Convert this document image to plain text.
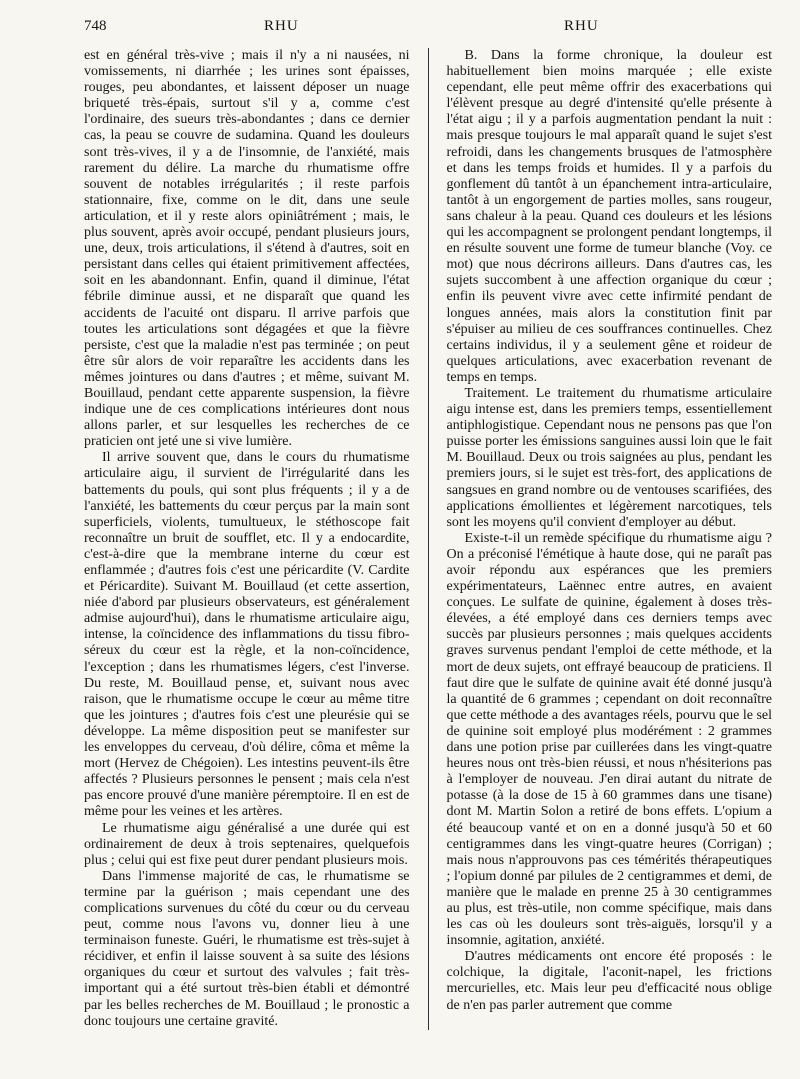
748	RHU	RHU

est en général très-vive ; mais il n'y a ni nausées, ni vomissements, ni diarrhée ; les urines sont épaisses, rouges, peu abondantes, et laissent déposer un nuage briqueté très-épais, surtout s'il y a, comme c'est l'ordinaire, des sueurs très-abondantes ; dans ce dernier cas, la peau se couvre de sudamina. Quand les douleurs sont très-vives, il y a de l'insomnie, de l'anxiété, mais rarement du délire. La marche du rhumatisme offre souvent de notables irrégularités ; il reste parfois stationnaire, fixe, comme on le dit, dans une seule articulation, et il y reste alors opiniâtrément ; mais, le plus souvent, après avoir occupé, pendant plusieurs jours, une, deux, trois articulations, il s'étend à d'autres, soit en persistant dans celles qui étaient primitivement affectées, soit en les abandonnant. Enfin, quand il diminue, l'état fébrile diminue aussi, et ne disparaît que quand les accidents de l'acuité ont disparu. Il arrive parfois que toutes les articulations sont dégagées et que la fièvre persiste, c'est que la maladie n'est pas terminée ; on peut être sûr alors de voir reparaître les accidents dans les mêmes jointures ou dans d'autres ; et même, suivant M. Bouillaud, pendant cette apparente suspension, la fièvre indique une de ces complications intérieures dont nous allons parler, et sur lesquelles les recherches de ce praticien ont jeté une si vive lumière.

Il arrive souvent que, dans le cours du rhumatisme articulaire aigu, il survient de l'irrégularité dans les battements du pouls, qui sont plus fréquents ; il y a de l'anxiété, les battements du cœur perçus par la main sont superficiels, violents, tumultueux, le stéthoscope fait reconnaître un bruit de soufflet, etc. Il y a endocardite, c'est-à-dire que la membrane interne du cœur est enflammée ; d'autres fois c'est une péricardite (V. Cardite et Péricardite). Suivant M. Bouillaud (et cette assertion, niée d'abord par plusieurs observateurs, est généralement admise aujourd'hui), dans le rhumatisme articulaire aigu, intense, la coïncidence des inflammations du tissu fibro-séreux du cœur est la règle, et la non-coïncidence, l'exception ; dans les rhumatismes légers, c'est l'inverse. Du reste, M. Bouillaud pense, et, suivant nous avec raison, que le rhumatisme occupe le cœur au même titre que les jointures ; d'autres fois c'est une pleurésie qui se développe. La même disposition peut se manifester sur les enveloppes du cerveau, d'où délire, côma et même la mort (Hervez de Chégoien). Les intestins peuvent-ils être affectés ? Plusieurs personnes le pensent ; mais cela n'est pas encore prouvé d'une manière péremptoire. Il en est de même pour les veines et les artères.

Le rhumatisme aigu généralisé a une durée qui est ordinairement de deux à trois septenaires, quelquefois plus ; celui qui est fixe peut durer pendant plusieurs mois.

Dans l'immense majorité de cas, le rhumatisme se termine par la guérison ; mais cependant une des complications survenues du côté du cœur ou du cerveau peut, comme nous l'avons vu, donner lieu à une terminaison funeste. Guéri, le rhumatisme est très-sujet à récidiver, et enfin il laisse souvent à sa suite des lésions organiques du cœur et surtout des valvules ; fait très-important qui a été surtout très-bien établi et démontré par les belles recherches de M. Bouillaud ; le pronostic a donc toujours une certaine gravité.

B. Dans la forme chronique, la douleur est habituellement bien moins marquée ; elle existe cependant, elle peut même offrir des exacerbations qui l'élèvent presque au degré d'intensité qu'elle présente à l'état aigu ; il y a parfois augmentation pendant la nuit : mais presque toujours le mal apparaît quand le sujet s'est refroidi, dans les changements brusques de l'atmosphère et dans les temps froids et humides. Il y a parfois du gonflement dû tantôt à un épanchement intra-articulaire, tantôt à un engorgement de parties molles, sans rougeur, sans chaleur à la peau. Quand ces douleurs et les lésions qui les accompagnent se prolongent pendant longtemps, il en résulte souvent une forme de tumeur blanche (Voy. ce mot) que nous décrirons ailleurs. Dans d'autres cas, les sujets succombent à une affection organique du cœur ; enfin ils peuvent vivre avec cette infirmité pendant de longues années, mais alors la constitution finit par s'épuiser au milieu de ces souffrances continuelles. Chez certains individus, il y a seulement gêne et roideur de quelques articulations, avec exacerbation revenant de temps en temps.

Traitement. Le traitement du rhumatisme articulaire aigu intense est, dans les premiers temps, essentiellement antiphlogistique. Cependant nous ne pensons pas que l'on puisse porter les émissions sanguines aussi loin que le fait M. Bouillaud. Deux ou trois saignées au plus, pendant les premiers jours, si le sujet est très-fort, des applications de sangsues en grand nombre ou de ventouses scarifiées, des applications émollientes et légèrement narcotiques, tels sont les moyens qu'il convient d'employer au début.

Existe-t-il un remède spécifique du rhumatisme aigu ? On a préconisé l'émétique à haute dose, qui ne paraît pas avoir répondu aux espérances que les premiers expérimentateurs, Laënnec entre autres, en avaient conçues. Le sulfate de quinine, également à doses très-élevées, a été employé dans ces derniers temps avec succès par plusieurs personnes ; mais quelques accidents graves survenus pendant l'emploi de cette méthode, et la mort de deux sujets, ont effrayé beaucoup de praticiens. Il faut dire que le sulfate de quinine avait été donné jusqu'à la quantité de 6 grammes ; cependant on doit reconnaître que cette méthode a des avantages réels, pourvu que le sel de quinine soit employé plus modérément : 2 grammes dans une potion prise par cuillerées dans les vingt-quatre heures nous ont très-bien réussi, et nous n'hésiterions pas à l'employer de nouveau. J'en dirai autant du nitrate de potasse (à la dose de 15 à 60 grammes dans une tisane) dont M. Martin Solon a retiré de bons effets. L'opium a été beaucoup vanté et on en a donné jusqu'à 50 et 60 centigrammes dans les vingt-quatre heures (Corrigan) ; mais nous n'approuvons pas ces témérités thérapeutiques ; l'opium donné par pilules de 2 centigrammes et demi, de manière que le malade en prenne 25 à 30 centigrammes au plus, est très-utile, non comme spécifique, mais dans les cas où les douleurs sont très-aiguës, lorsqu'il y a insomnie, agitation, anxiété.

D'autres médicaments ont encore été proposés : le colchique, la digitale, l'aconit-napel, les frictions mercurielles, etc. Mais leur peu d'efficacité nous oblige de n'en pas parler autrement que comme
